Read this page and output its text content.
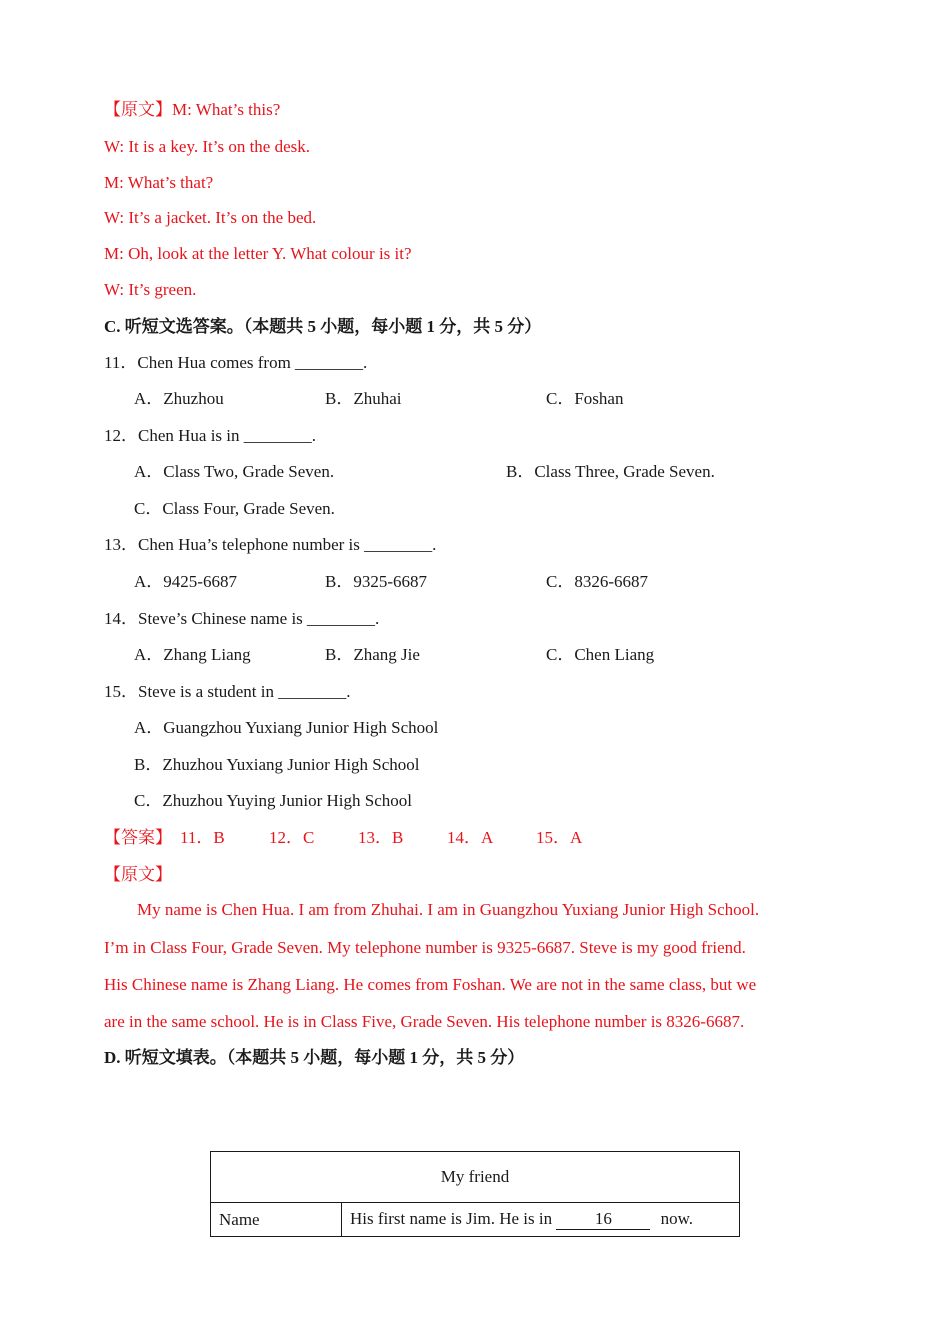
【原文】M: What’s this?
W: It is a key. It’s on the desk.
M: What’s that?
W: It’s a jacket. It’s on the bed.
M: Oh, look at the letter Y. What colour is it?
W: It’s green.
C. 听短文选答案。（本题共 5 小题，每小题 1 分，共 5 分）
11．Chen Hua comes from ________.
A．Zhuzhou	B．Zhuhai	C．Foshan
12．Chen Hua is in ________.
A．Class Two, Grade Seven.	B．Class Three, Grade Seven.
C．Class Four, Grade Seven.
13．Chen Hua’s telephone number is ________.
A．9425-6687	B．9325-6687	C．8326-6687
14．Steve’s Chinese name is ________.
A．Zhang Liang	B．Zhang Jie	C．Chen Liang
15．Steve is a student in ________.
A．Guangzhou Yuxiang Junior High School
B．Zhuzhou Yuxiang Junior High School
C．Zhuzhou Yuying Junior High School
【答案】 11．B	12．C	13．B	14．A	15．A
【原文】
My name is Chen Hua. I am from Zhuhai. I am in Guangzhou Yuxiang Junior High School.
I’m in Class Four, Grade Seven. My telephone number is 9325-6687. Steve is my good friend.
His Chinese name is Zhang Liang. He comes from Foshan. We are not in the same class, but we
are in the same school. He is in Class Five, Grade Seven. His telephone number is 8326-6687.
D. 听短文填表。（本题共 5 小题，每小题 1 分，共 5 分）
My friend
Name	His first name is Jim. He is in	16	now.
